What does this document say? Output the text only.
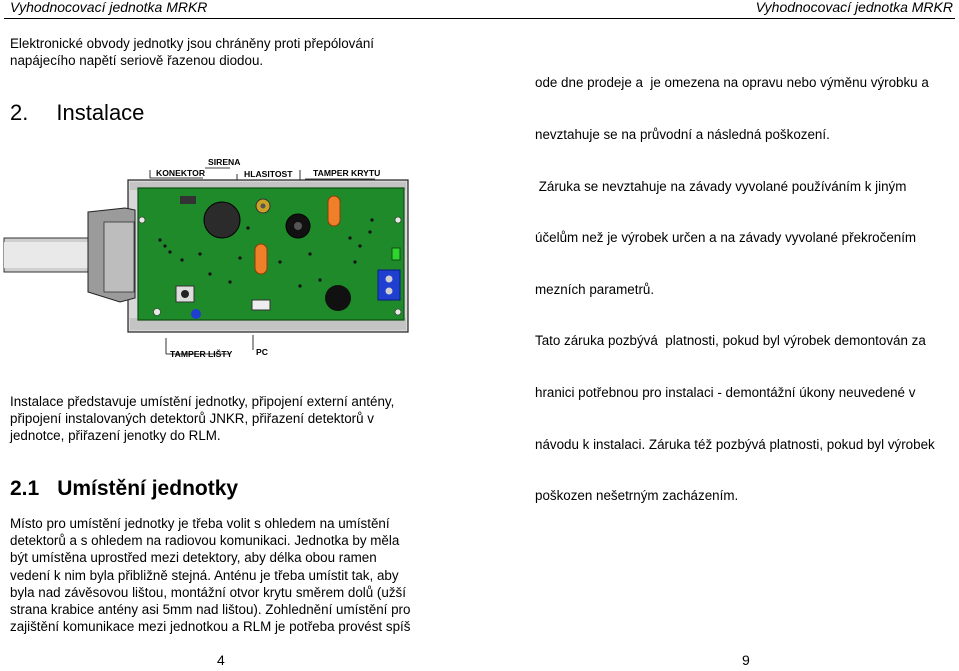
Vyhodnocovací jednotka MRKR	Vyhodnocovací jednotka MRKR
Elektronické obvody jednotky jsou chráněny proti přepólování
napájecího napětí seriově řazenou diodou.
2. Instalace
SIRENA
KONEKTOR	HLASITOST TAMPER KRYTU
TAMPER LIŠTY	PC
Instalace představuje umístění jednotky, připojení externí antény,
připojení instalovaných detektorů JNKR, přiřazení detektorů v
jednotce, přiřazení jenotky do RLM.
2.1 Umístění jednotky
Místo pro umístění jednotky je třeba volit s ohledem na umístění
detektorů a s ohledem na radiovou komunikaci. Jednotka by měla
být umístěna uprostřed mezi detektory, aby délka obou ramen
vedení k nim byla přibližně stejná. Anténu je třeba umístit tak, aby
byla nad závěsovou lištou, montážní otvor krytu směrem dolů (užší
strana krabice antény asi 5mm nad lištou). Zohlednění umístění pro
zajištění komunikace mezi jednotkou a RLM je potřeba provést spíš
4

ode dne prodeje a  je omezena na opravu nebo výměnu výrobku a

nevztahuje se na průvodní a následná poškození.

Záruka se nevztahuje na závady vyvolané používáním k jiným

účelům než je výrobek určen a na závady vyvolané překročením

mezních parametrů.

Tato záruka pozbývá  platnosti, pokud byl výrobek demontován za

hranici potřebnou pro instalaci - demontážní úkony neuvedené v

návodu k instalaci. Záruka též pozbývá platnosti, pokud byl výrobek

poškozen nešetrným zacházením.

9
